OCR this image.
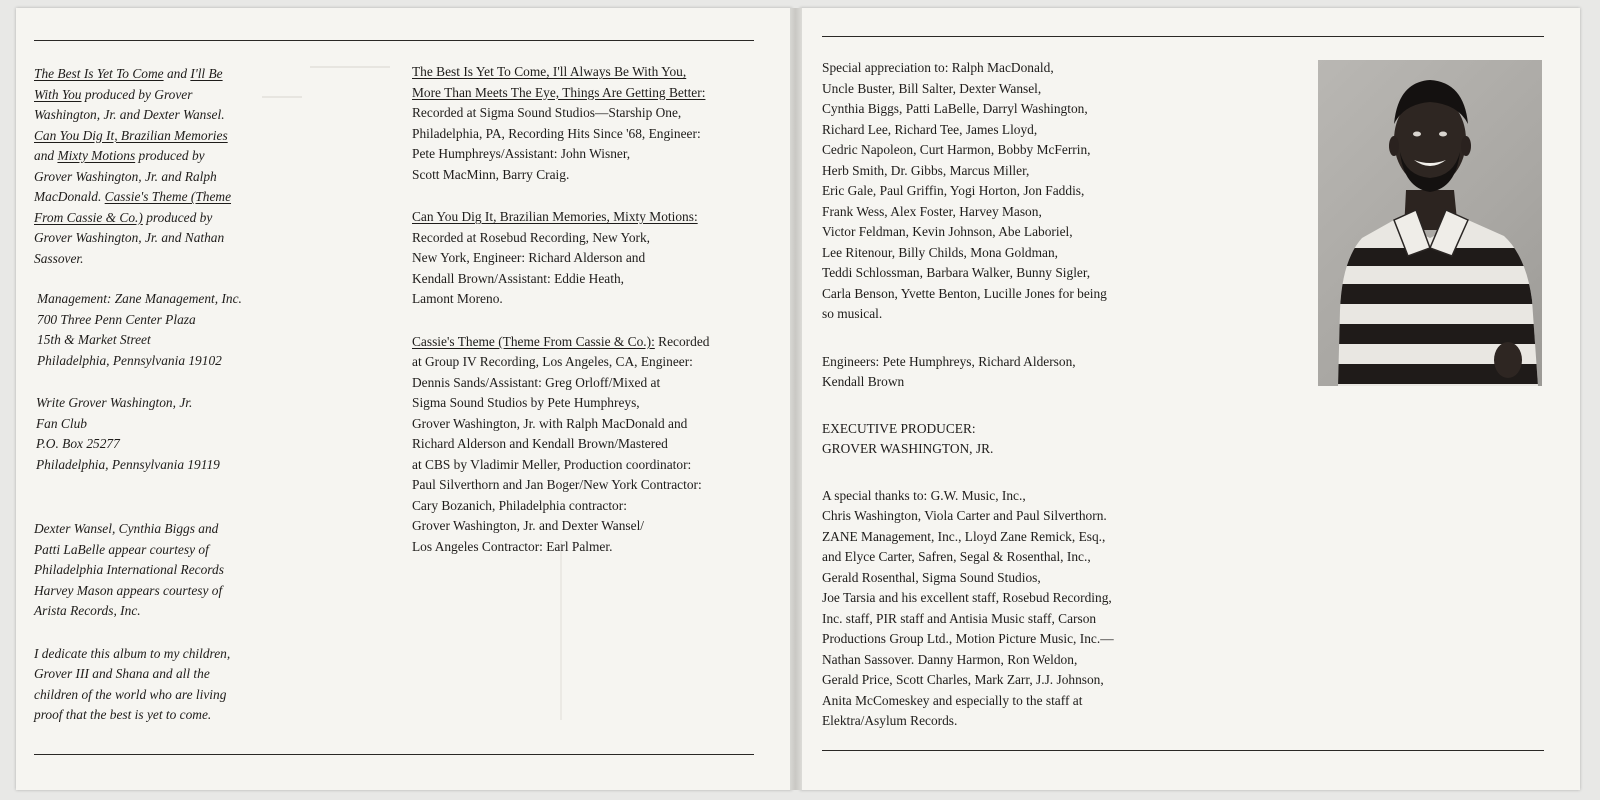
The Best Is Yet To Come and I'll Be With You produced by Grover Washington, Jr. and Dexter Wansel. Can You Dig It, Brazilian Memories and Mixty Motions produced by Grover Washington, Jr. and Ralph MacDonald. Cassie's Theme (Theme From Cassie & Co.) produced by Grover Washington, Jr. and Nathan Sassover.

Management: Zane Management, Inc.

700 Three Penn Center Plaza

15th & Market Street

Philadelphia, Pennsylvania 19102

Write Grover Washington, Jr.

Fan Club

P.O. Box 25277

Philadelphia, Pennsylvania 19119

Dexter Wansel, Cynthia Biggs and

Patti LaBelle appear courtesy of

Philadelphia International Records

Harvey Mason appears courtesy of

Arista Records, Inc.

I dedicate this album to my children,

Grover III and Shana and all the

children of the world who are living

proof that the best is yet to come.

The Best Is Yet To Come, I'll Always Be With You,

More Than Meets The Eye, Things Are Getting Better:

Recorded at Sigma Sound Studios—Starship One,

Philadelphia, PA, Recording Hits Since '68, Engineer:

Pete Humphreys/Assistant: John Wisner,

Scott MacMinn, Barry Craig.

Can You Dig It, Brazilian Memories, Mixty Motions:

Recorded at Rosebud Recording, New York,

New York, Engineer: Richard Alderson and

Kendall Brown/Assistant: Eddie Heath,

Lamont Moreno.

Cassie's Theme (Theme From Cassie & Co.): Recorded

at Group IV Recording, Los Angeles, CA, Engineer:

Dennis Sands/Assistant: Greg Orloff/Mixed at

Sigma Sound Studios by Pete Humphreys,

Grover Washington, Jr. with Ralph MacDonald and

Richard Alderson and Kendall Brown/Mastered

at CBS by Vladimir Meller, Production coordinator:

Paul Silverthorn and Jan Boger/New York Contractor:

Cary Bozanich, Philadelphia contractor:

Grover Washington, Jr. and Dexter Wansel/

Los Angeles Contractor: Earl Palmer.

Special appreciation to: Ralph MacDonald,

Uncle Buster, Bill Salter, Dexter Wansel,

Cynthia Biggs, Patti LaBelle, Darryl Washington,

Richard Lee, Richard Tee, James Lloyd,

Cedric Napoleon, Curt Harmon, Bobby McFerrin,

Herb Smith, Dr. Gibbs, Marcus Miller,

Eric Gale, Paul Griffin, Yogi Horton, Jon Faddis,

Frank Wess, Alex Foster, Harvey Mason,

Victor Feldman, Kevin Johnson, Abe Laboriel,

Lee Ritenour, Billy Childs, Mona Goldman,

Teddi Schlossman, Barbara Walker, Bunny Sigler,

Carla Benson, Yvette Benton, Lucille Jones for being

so musical.

Engineers: Pete Humphreys, Richard Alderson,

Kendall Brown

EXECUTIVE PRODUCER:

GROVER WASHINGTON, JR.

A special thanks to: G.W. Music, Inc.,

Chris Washington, Viola Carter and Paul Silverthorn.

ZANE Management, Inc., Lloyd Zane Remick, Esq.,

and Elyce Carter, Safren, Segal & Rosenthal, Inc.,

Gerald Rosenthal, Sigma Sound Studios,

Joe Tarsia and his excellent staff, Rosebud Recording,

Inc. staff, PIR staff and Antisia Music staff, Carson

Productions Group Ltd., Motion Picture Music, Inc.—

Nathan Sassover. Danny Harmon, Ron Weldon,

Gerald Price, Scott Charles, Mark Zarr, J.J. Johnson,

Anita McComeskey and especially to the staff at

Elektra/Asylum Records.
